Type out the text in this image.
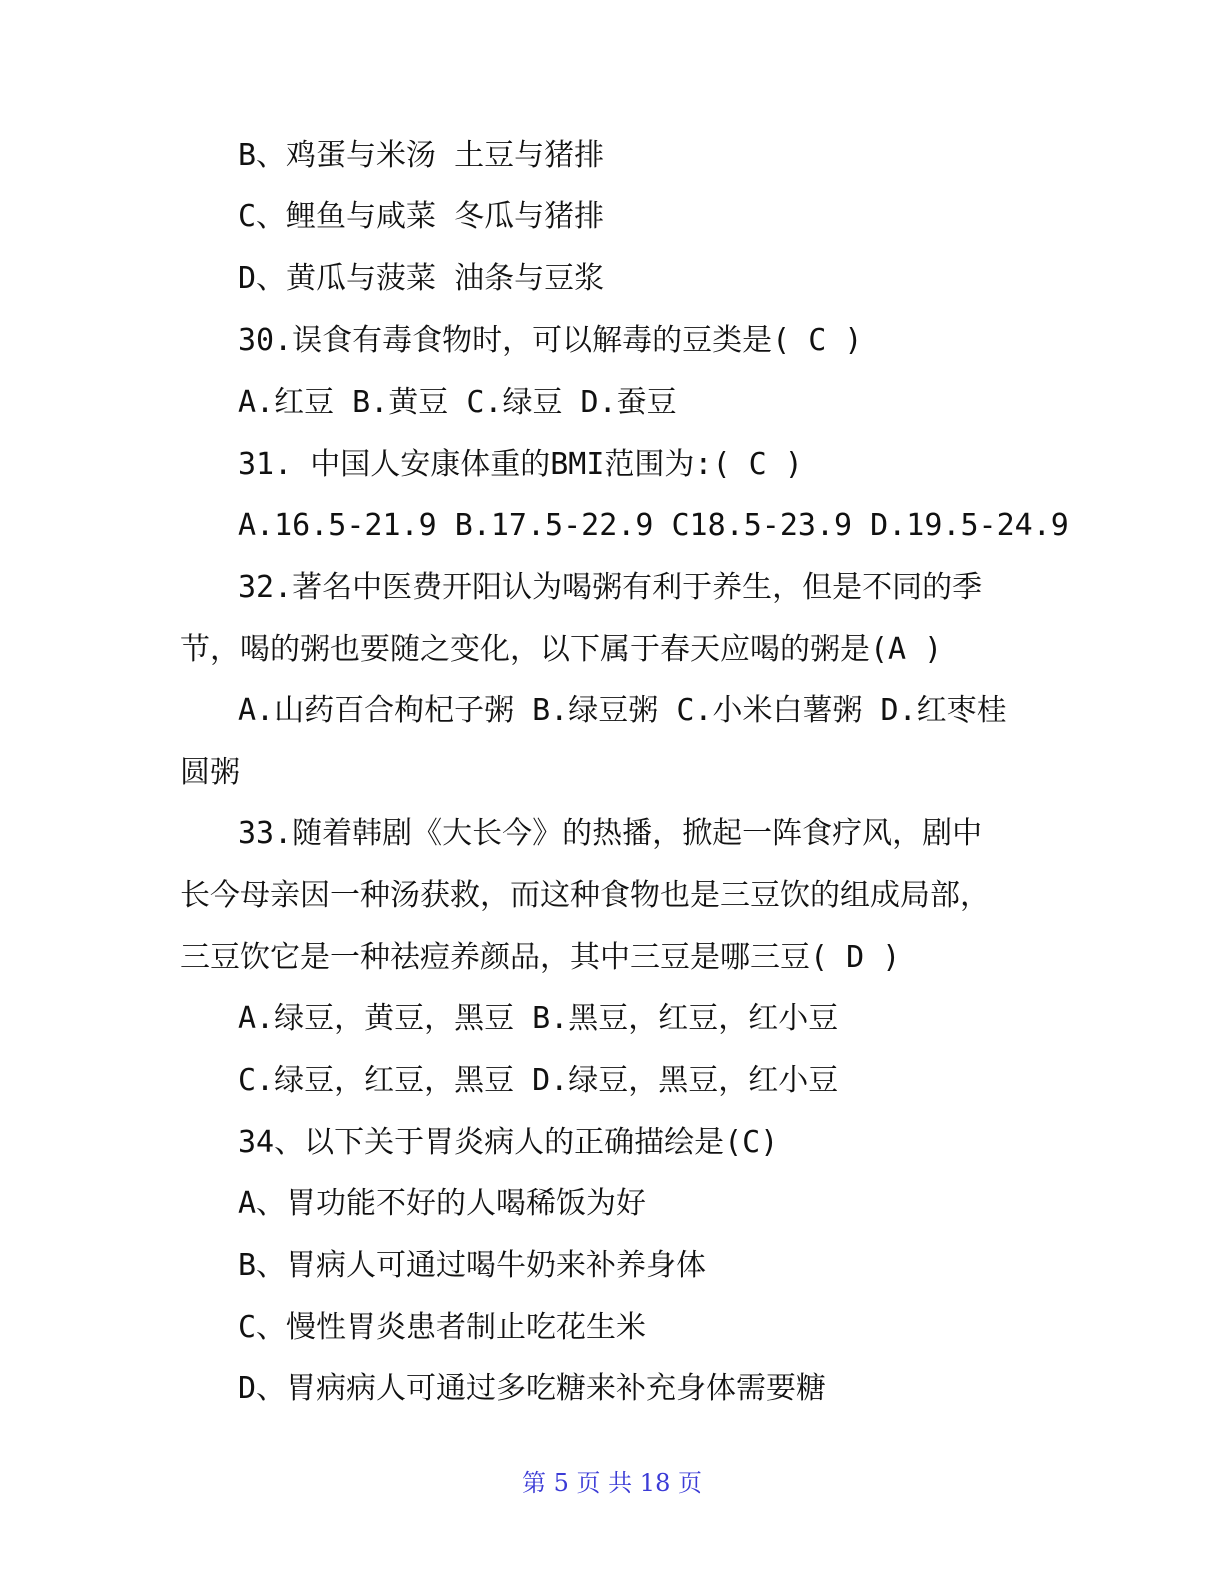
B、鸡蛋与米汤 土豆与猪排
C、鲤鱼与咸菜 冬瓜与猪排
D、黄瓜与菠菜 油条与豆浆
30.误食有毒食物时，可以解毒的豆类是( C )
A.红豆 B.黄豆 C.绿豆 D.蚕豆
31. 中国人安康体重的BMI范围为:( C )
A.16.5-21.9 B.17.5-22.9 C18.5-23.9 D.19.5-24.9
32.著名中医费开阳认为喝粥有利于养生，但是不同的季
节，喝的粥也要随之变化，以下属于春天应喝的粥是(A )
A.山药百合枸杞子粥 B.绿豆粥 C.小米白薯粥 D.红枣桂
圆粥
33.随着韩剧《大长今》的热播，掀起一阵食疗风，剧中
长今母亲因一种汤获救，而这种食物也是三豆饮的组成局部，
三豆饮它是一种祛痘养颜品，其中三豆是哪三豆( D )
A.绿豆，黄豆，黑豆 B.黑豆，红豆，红小豆
C.绿豆，红豆，黑豆 D.绿豆，黑豆，红小豆
34、以下关于胃炎病人的正确描绘是(C)
A、胃功能不好的人喝稀饭为好
B、胃病人可通过喝牛奶来补养身体
C、慢性胃炎患者制止吃花生米
D、胃病病人可通过多吃糖来补充身体需要糖
第 5 页 共 18 页
